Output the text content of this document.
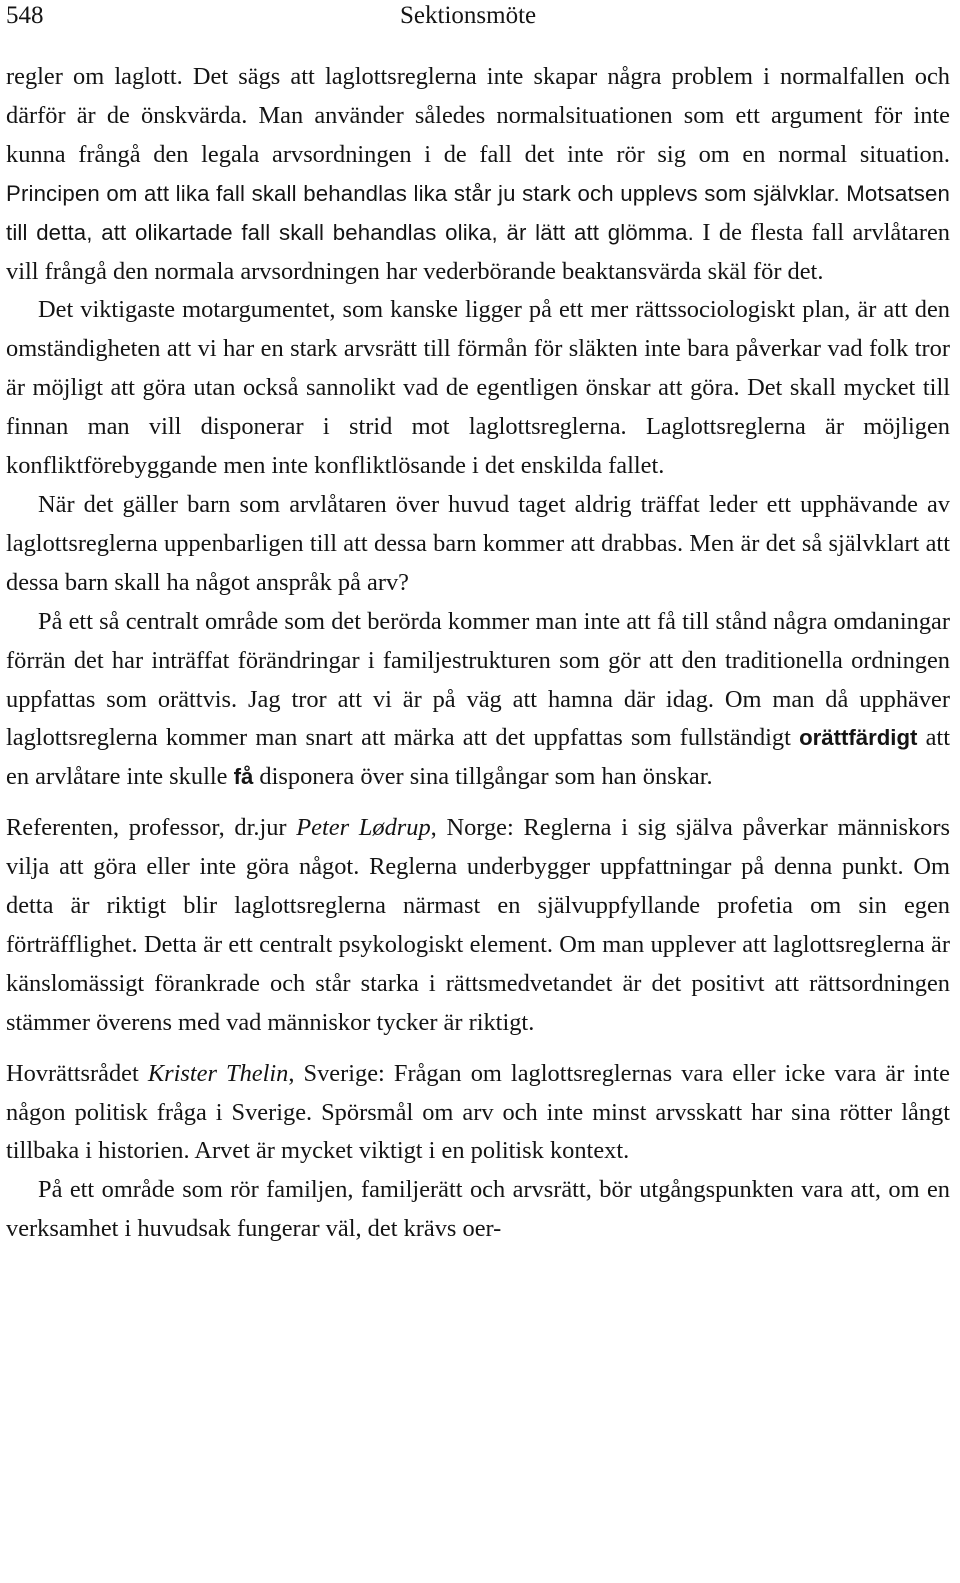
548	Sektionsmöte

regler om laglott. Det sägs att laglottsreglerna inte skapar några problem i normalfallen och därför är de önskvärda. Man använder således normalsituationen som ett argument för inte kunna frångå den legala arvsordningen i de fall det inte rör sig om en normal situation. Principen om att lika fall skall behandlas lika står ju stark och upplevs som självklar. Motsatsen till detta, att olikartade fall skall behandlas olika, är lätt att glömma. I de flesta fall arvlåtaren vill frångå den normala arvsordningen har vederbörande beaktansvärda skäl för det.

Det viktigaste motargumentet, som kanske ligger på ett mer rättssociologiskt plan, är att den omständigheten att vi har en stark arvsrätt till förmån för släkten inte bara påverkar vad folk tror är möjligt att göra utan också sannolikt vad de egentligen önskar att göra. Det skall mycket till finnan man vill disponerar i strid mot laglottsreglerna. Laglottsreglerna är möjligen konfliktförebyggande men inte konfliktlösande i det enskilda fallet.

När det gäller barn som arvlåtaren över huvud taget aldrig träffat leder ett upphävande av laglottsreglerna uppenbarligen till att dessa barn kommer att drabbas. Men är det så självklart att dessa barn skall ha något anspråk på arv?

På ett så centralt område som det berörda kommer man inte att få till stånd några omdaningar förrän det har inträffat förändringar i familjestrukturen som gör att den traditionella ordningen uppfattas som orättvis. Jag tror att vi är på väg att hamna där idag. Om man då upphäver laglottsreglerna kommer man snart att märka att det uppfattas som fullständigt orättfärdigt att en arvlåtare inte skulle få disponera över sina tillgångar som han önskar.

Referenten, professor, dr.jur Peter Lødrup, Norge: Reglerna i sig själva påverkar människors vilja att göra eller inte göra något. Reglerna underbygger uppfattningar på denna punkt. Om detta är riktigt blir laglottsreglerna närmast en självuppfyllande profetia om sin egen förträfflighet. Detta är ett centralt psykologiskt element. Om man upplever att laglottsreglerna är känslomässigt förankrade och står starka i rättsmedvetandet är det positivt att rättsordningen stämmer överens med vad människor tycker är riktigt.

Hovrättsrådet Krister Thelin, Sverige: Frågan om laglottsreglernas vara eller icke vara är inte någon politisk fråga i Sverige. Spörsmål om arv och inte minst arvsskatt har sina rötter långt tillbaka i historien. Arvet är mycket viktigt i en politisk kontext.

På ett område som rör familjen, familjerätt och arvsrätt, bör utgångspunkten vara att, om en verksamhet i huvudsak fungerar väl, det krävs oer-
